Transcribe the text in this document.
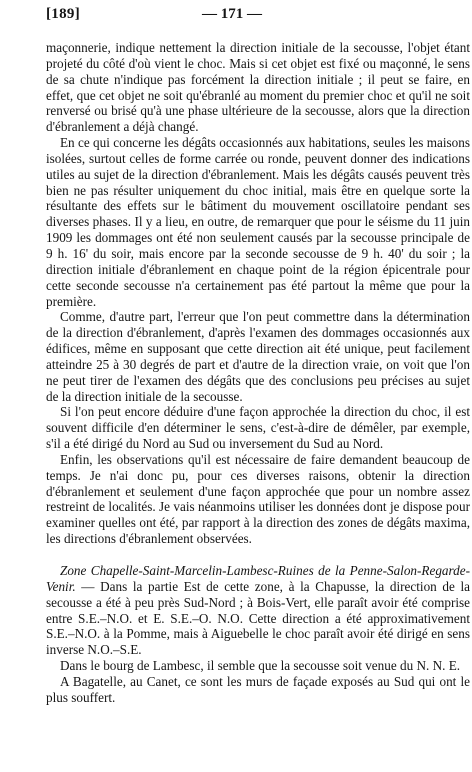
[189]	— 171 —

maçonnerie, indique nettement la direction initiale de la secousse, l'objet étant projeté du côté d'où vient le choc. Mais si cet objet est fixé ou maçonné, le sens de sa chute n'indique pas forcément la direction initiale ; il peut se faire, en effet, que cet objet ne soit qu'ébranlé au moment du premier choc et qu'il ne soit renversé ou brisé qu'à une phase ultérieure de la secousse, alors que la direction d'ébranlement a déjà changé.

En ce qui concerne les dégâts occasionnés aux habitations, seules les maisons isolées, surtout celles de forme carrée ou ronde, peuvent donner des indications utiles au sujet de la direction d'ébranlement. Mais les dégâts causés peuvent très bien ne pas résulter uniquement du choc initial, mais être en quelque sorte la résultante des effets sur le bâtiment du mouvement oscillatoire pendant ses diverses phases. Il y a lieu, en outre, de remarquer que pour le séisme du 11 juin 1909 les dommages ont été non seulement causés par la secousse principale de 9 h. 16' du soir, mais encore par la seconde secousse de 9 h. 40' du soir ; la direction initiale d'ébranlement en chaque point de la région épicentrale pour cette seconde secousse n'a certainement pas été partout la même que pour la première.

Comme, d'autre part, l'erreur que l'on peut commettre dans la détermination de la direction d'ébranlement, d'après l'examen des dommages occasionnés aux édifices, même en supposant que cette direction ait été unique, peut facilement atteindre 25 à 30 degrés de part et d'autre de la direction vraie, on voit que l'on ne peut tirer de l'examen des dégâts que des conclusions peu précises au sujet de la direction initiale de la secousse.

Si l'on peut encore déduire d'une façon approchée la direction du choc, il est souvent difficile d'en déterminer le sens, c'est-à-dire de démêler, par exemple, s'il a été dirigé du Nord au Sud ou inversement du Sud au Nord.

Enfin, les observations qu'il est nécessaire de faire demandent beaucoup de temps. Je n'ai donc pu, pour ces diverses raisons, obtenir la direction d'ébranlement et seulement d'une façon approchée que pour un nombre assez restreint de localités. Je vais néanmoins utiliser les données dont je dispose pour examiner quelles ont été, par rapport à la direction des zones de dégâts maxima, les directions d'ébranlement observées.

Zone Chapelle-Saint-Marcelin-Lambesc-Ruines de la Penne-Salon-Regarde-Venir. — Dans la partie Est de cette zone, à la Chapusse, la direction de la secousse a été à peu près Sud-Nord ; à Bois-Vert, elle paraît avoir été comprise entre S.E.–N.O. et E. S.E.–O. N.O. Cette direction a été approximativement S.E.–N.O. à la Pomme, mais à Aiguebelle le choc paraît avoir été dirigé en sens inverse N.O.–S.E.

Dans le bourg de Lambesc, il semble que la secousse soit venue du N. N. E.

A Bagatelle, au Canet, ce sont les murs de façade exposés au Sud qui ont le plus souffert.
